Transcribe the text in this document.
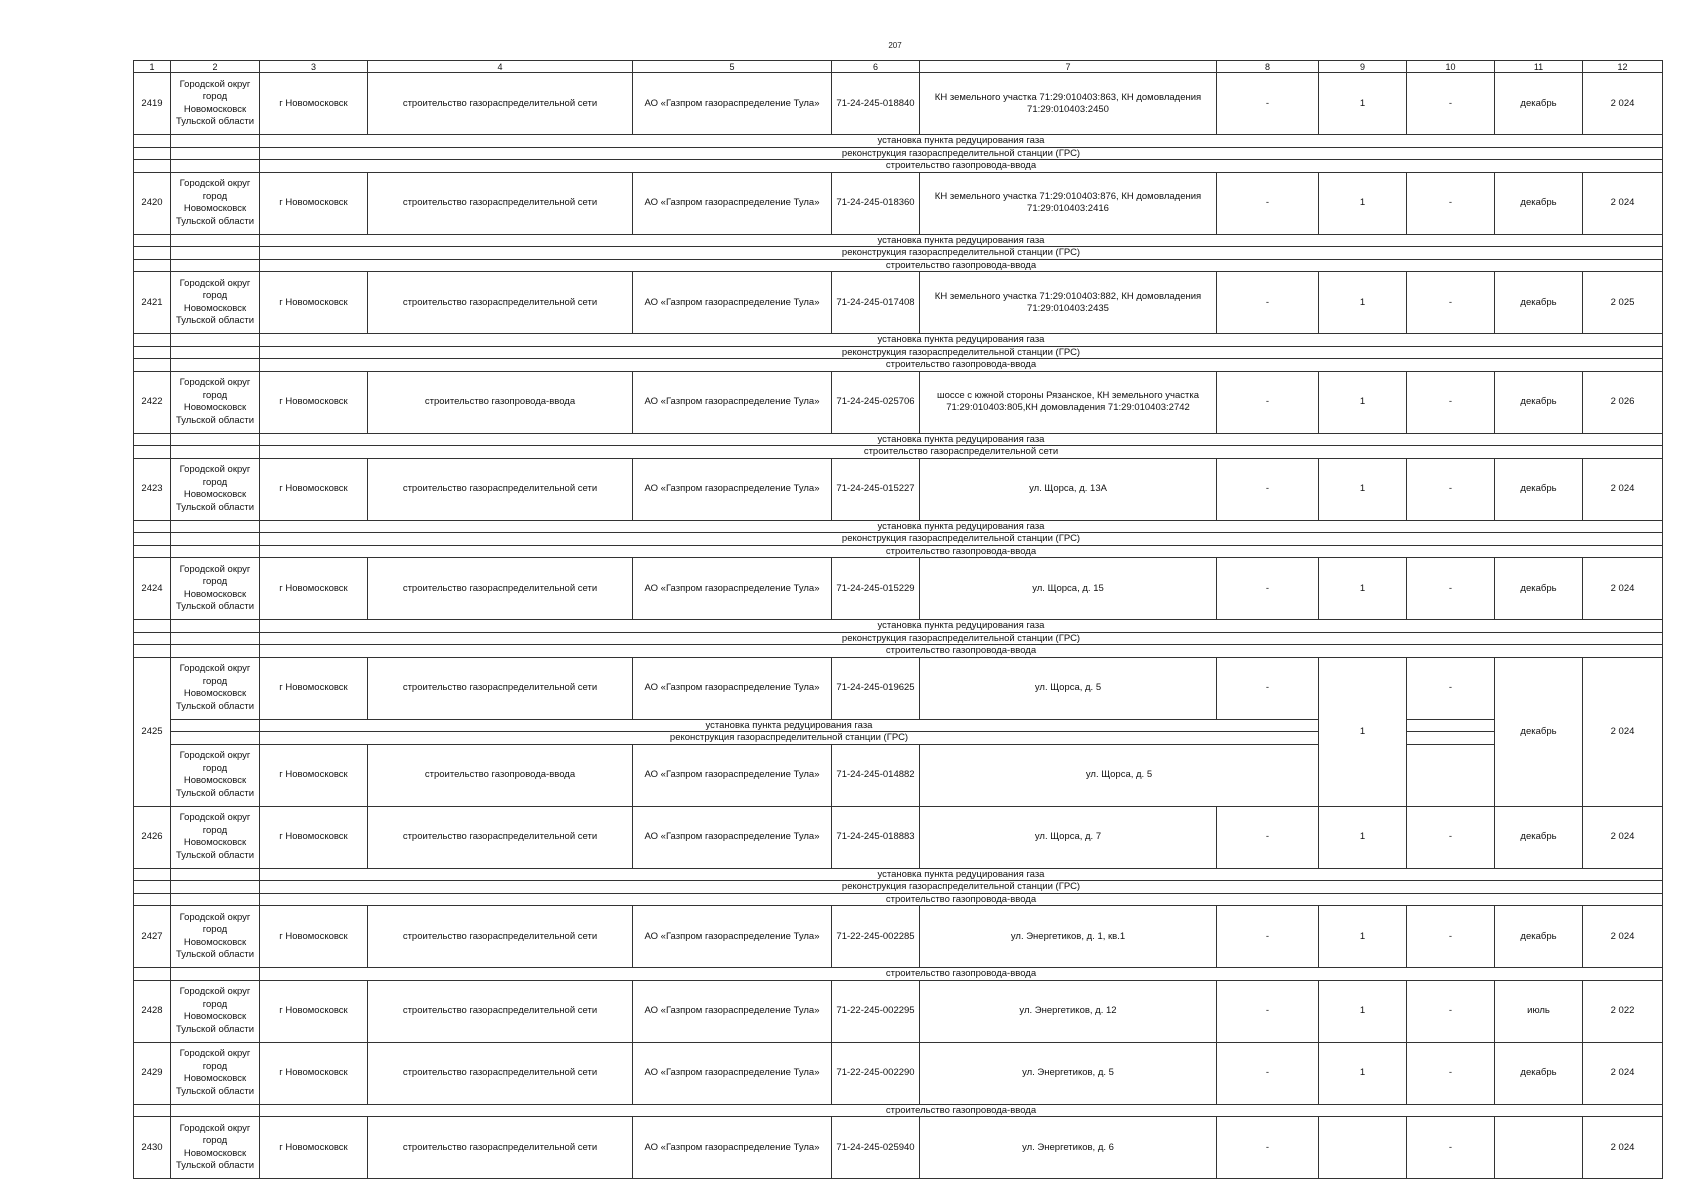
207
1	2	3	4	5	6	7	8	9	10	11	12
2419	Городской округ город Новомосковск Тульской области	г Новомосковск	строительство газораспределительной сети	АО «Газпром газораспределение Тула»	71-24-245-018840	КН земельного участка 71:29:010403:863, КН домовладения 71:29:010403:2450	-	1	-	декабрь	2 024
		установка пункта редуцирования газа									
		реконструкция газораспределительной станции (ГРС)									
		строительство газопровода-ввода									
2420	Городской округ город Новомосковск Тульской области	г Новомосковск	строительство газораспределительной сети	АО «Газпром газораспределение Тула»	71-24-245-018360	КН земельного участка 71:29:010403:876, КН домовладения 71:29:010403:2416	-	1	-	декабрь	2 024
		установка пункта редуцирования газа									
		реконструкция газораспределительной станции (ГРС)									
		строительство газопровода-ввода									
2421	Городской округ город Новомосковск Тульской области	г Новомосковск	строительство газораспределительной сети	АО «Газпром газораспределение Тула»	71-24-245-017408	КН земельного участка 71:29:010403:882, КН домовладения 71:29:010403:2435	-	1	-	декабрь	2 025
		установка пункта редуцирования газа									
		реконструкция газораспределительной станции (ГРС)									
		строительство газопровода-ввода									
2422	Городской округ город Новомосковск Тульской области	г Новомосковск	строительство газопровода-ввода	АО «Газпром газораспределение Тула»	71-24-245-025706	шоссе с южной стороны Рязанское, КН земельного участка 71:29:010403:805,КН домовладения 71:29:010403:2742	-	1	-	декабрь	2 026
		установка пункта редуцирования газа									
		строительство газораспределительной сети									
2423	Городской округ город Новомосковск Тульской области	г Новомосковск	строительство газораспределительной сети	АО «Газпром газораспределение Тула»	71-24-245-015227	ул. Щорса, д. 13А	-	1	-	декабрь	2 024
		установка пункта редуцирования газа									
		реконструкция газораспределительной станции (ГРС)									
		строительство газопровода-ввода									
2424	Городской округ город Новомосковск Тульской области	г Новомосковск	строительство газораспределительной сети	АО «Газпром газораспределение Тула»	71-24-245-015229	ул. Щорса, д. 15	-	1	-	декабрь	2 024
		установка пункта редуцирования газа									
		реконструкция газораспределительной станции (ГРС)									
		строительство газопровода-ввода									
2425	Городской округ город Новомосковск Тульской области	г Новомосковск	строительство газораспределительной сети	АО «Газпром газораспределение Тула»	71-24-245-019625	ул. Щорса, д. 5	-	1	-	декабрь	2 024
		установка пункта редуцирования газа									
		реконструкция газораспределительной станции (ГРС)									
	Городской округ город Новомосковск Тульской области	г Новомосковск	строительство газопровода-ввода	АО «Газпром газораспределение Тула»	71-24-245-014882	ул. Щорса, д. 5					
2426	Городской округ город Новомосковск Тульской области	г Новомосковск	строительство газораспределительной сети	АО «Газпром газораспределение Тула»	71-24-245-018883	ул. Щорса, д. 7	-	1	-	декабрь	2 024
		установка пункта редуцирования газа									
		реконструкция газораспределительной станции (ГРС)									
		строительство газопровода-ввода									
2427	Городской округ город Новомосковск Тульской области	г Новомосковск	строительство газораспределительной сети	АО «Газпром газораспределение Тула»	71-22-245-002285	ул. Энергетиков, д. 1, кв.1	-	1	-	декабрь	2 024
		строительство газопровода-ввода									
2428	Городской округ город Новомосковск Тульской области	г Новомосковск	строительство газораспределительной сети	АО «Газпром газораспределение Тула»	71-22-245-002295	ул. Энергетиков, д. 12	-	1	-	июль	2 022
2429	Городской округ город Новомосковск Тульской области	г Новомосковск	строительство газораспределительной сети	АО «Газпром газораспределение Тула»	71-22-245-002290	ул. Энергетиков, д. 5	-	1	-	декабрь	2 024
		строительство газопровода-ввода									
2430	Городской округ город Новомосковск Тульской области	г Новомосковск	строительство газораспределительной сети	АО «Газпром газораспределение Тула»	71-24-245-025940	ул. Энергетиков, д. 6	-		-		2 024
